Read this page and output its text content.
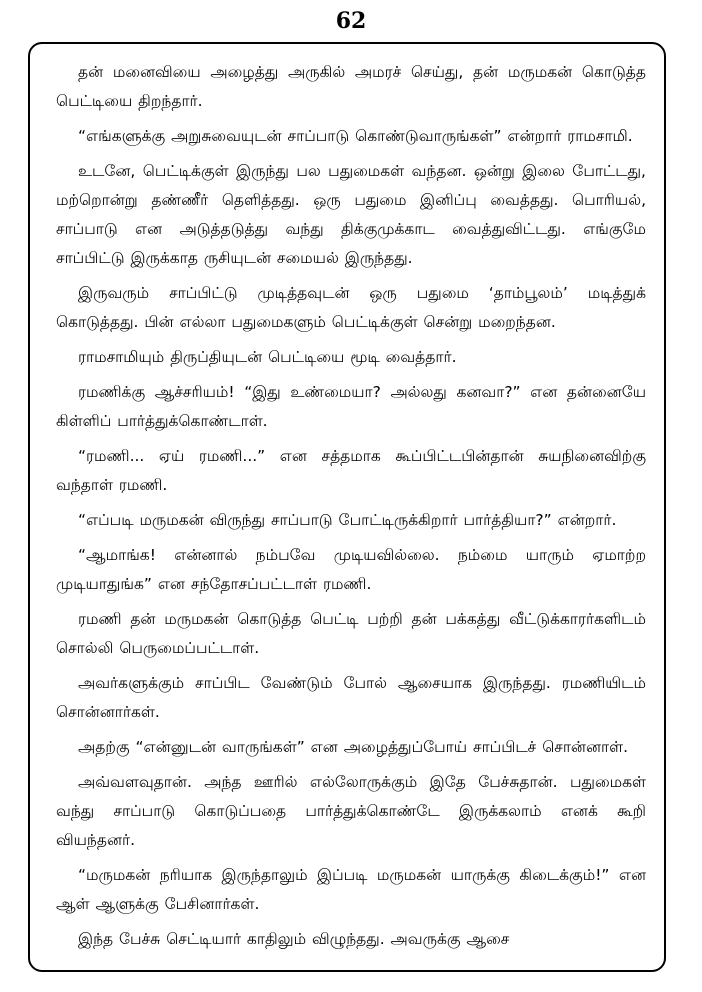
62

தன் மனைவியை அழைத்து அருகில் அமரச் செய்து, தன் மருமகன் கொடுத்த பெட்டியை திறந்தார்.

“எங்களுக்கு அறுசுவையுடன் சாப்பாடு கொண்டுவாருங்கள்” என்றார் ராமசாமி.

உடனே, பெட்டிக்குள் இருந்து பல பதுமைகள் வந்தன. ஒன்று இலை போட்டது, மற்றொன்று தண்ணீர் தெளித்தது. ஒரு பதுமை இனிப்பு வைத்தது. பொரியல், சாப்பாடு என அடுத்தடுத்து வந்து திக்குமுக்காட வைத்துவிட்டது. எங்குமே சாப்பிட்டு இருக்காத ருசியுடன் சமையல் இருந்தது.

இருவரும் சாப்பிட்டு முடித்தவுடன் ஒரு பதுமை ‘தாம்பூலம்’ மடித்துக் கொடுத்தது. பின் எல்லா பதுமைகளும் பெட்டிக்குள் சென்று மறைந்தன.

ராமசாமியும் திருப்தியுடன் பெட்டியை மூடி வைத்தார்.

ரமணிக்கு ஆச்சரியம்! “இது உண்மையா? அல்லது கனவா?” என தன்னையே கிள்ளிப் பார்த்துக்கொண்டாள்.

“ரமணி... ஏய் ரமணி...” என சத்தமாக கூப்பிட்டபின்தான் சுயநினைவிற்கு வந்தாள் ரமணி.

“எப்படி மருமகன் விருந்து சாப்பாடு போட்டிருக்கிறார் பார்த்தியா?” என்றார்.

“ஆமாங்க! என்னால் நம்பவே முடியவில்லை. நம்மை யாரும் ஏமாற்ற முடியாதுங்க” என சந்தோசப்பட்டாள் ரமணி.

ரமணி தன் மருமகன் கொடுத்த பெட்டி பற்றி தன் பக்கத்து வீட்டுக்காரர்களிடம் சொல்லி பெருமைப்பட்டாள்.

அவர்களுக்கும் சாப்பிட வேண்டும் போல் ஆசையாக இருந்தது. ரமணியிடம் சொன்னார்கள்.

அதற்கு “என்னுடன் வாருங்கள்” என அழைத்துப்போய் சாப்பிடச் சொன்னாள்.

அவ்வளவுதான். அந்த ஊரில் எல்லோருக்கும் இதே பேச்சுதான். பதுமைகள் வந்து சாப்பாடு கொடுப்பதை பார்த்துக்கொண்டே இருக்கலாம் எனக் கூறி வியந்தனர்.

“மருமகன் நரியாக இருந்தாலும் இப்படி மருமகன் யாருக்கு கிடைக்கும்!” என ஆள் ஆளுக்கு பேசினார்கள்.

இந்த பேச்சு செட்டியார் காதிலும் விழுந்தது. அவருக்கு ஆசை
